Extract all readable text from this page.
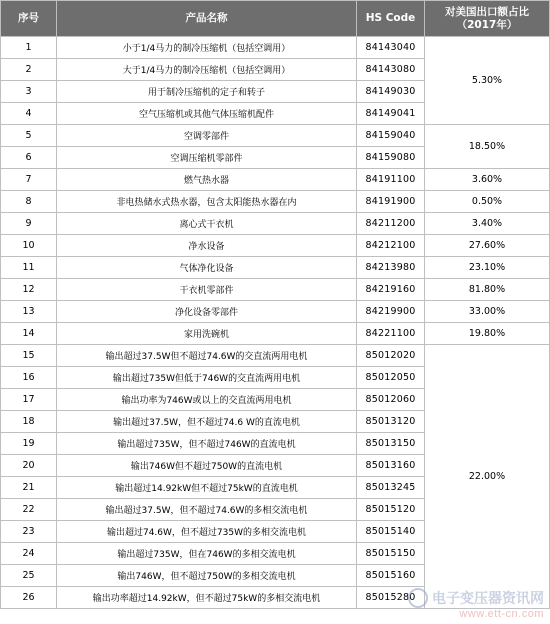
序号	产品名称	HS Code	对美国出口额占比
（2017年）
1	小于1/4马力的制冷压缩机（包括空调用）	84143040	5.30%
2	大于1/4马力的制冷压缩机（包括空调用）	84143080	
3	用于制冷压缩机的定子和转子	84149030	
4	空气压缩机或其他气体压缩机配件	84149041	
5	空调零部件	84159040	18.50%
6	空调压缩机零部件	84159080	
7	燃气热水器	84191100	3.60%
8	非电热储水式热水器，包含太阳能热水器在内	84191900	0.50%
9	离心式干衣机	84211200	3.40%
10	净水设备	84212100	27.60%
11	气体净化设备	84213980	23.10%
12	干衣机零部件	84219160	81.80%
13	净化设备零部件	84219900	33.00%
14	家用洗碗机	84221100	19.80%
15	输出超过37.5W但不超过74.6W的交直流两用电机	85012020	22.00%
16	输出超过735W但低于746W的交直流两用电机	85012050	
17	输出功率为746W或以上的交直流两用电机	85012060	
18	输出超过37.5W，但不超过74.6 W的直流电机	85013120	
19	输出超过735W，但不超过746W的直流电机	85013150	
20	输出746W但不超过750W的直流电机	85013160	
21	输出超过14.92kW但不超过75kW的直流电机	85013245	
22	输出超过37.5W，但不超过74.6W的多相交流电机	85015120	
23	输出超过74.6W，但不超过735W的多相交流电机	85015140	
24	输出超过735W，但在746W的多相交流电机	85015150	
25	输出746W，但不超过750W的多相交流电机	85015160	
26	输出功率超过14.92kW，但不超过75kW的多相交流电机	85015280		电子变压器资讯网
www.ett-cn.com
